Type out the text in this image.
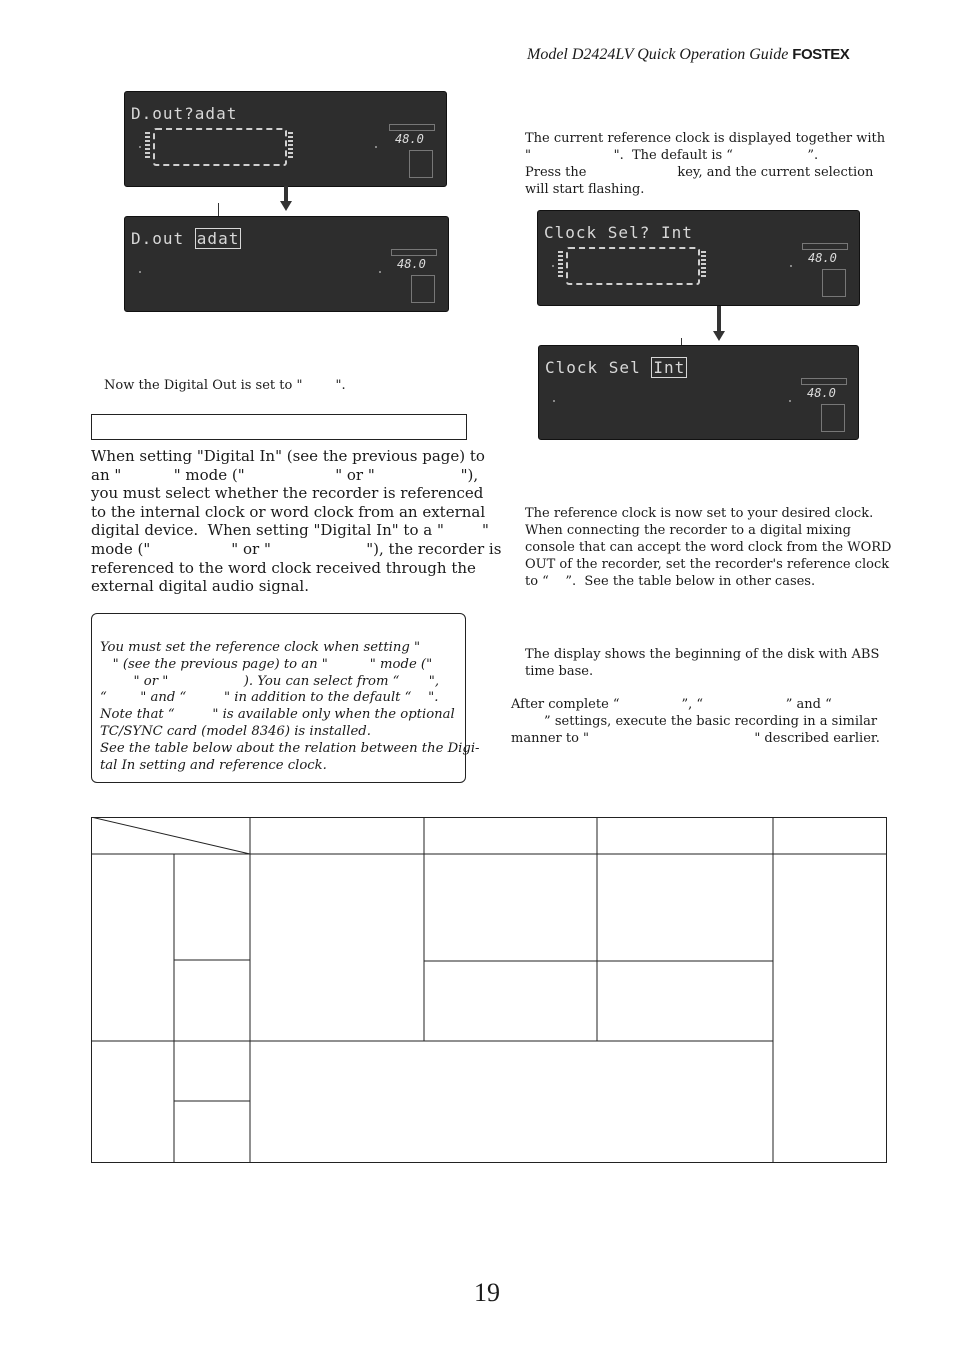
Model D2424LV Quick Operation Guide FOSTEX
D.out?adat
48.0
D.out adat
48.0
Now the Digital Out is set to "        ".
When setting "Digital In" (see the previous page) to
an "           " mode ("                   " or "                  "),
you must select whether the recorder is referenced
to the internal clock or word clock from an external
digital device.  When setting "Digital In" to a "        "
mode ("                 " or "                    "), the recorder is
referenced to the word clock received through the
external digital audio signal.
You must set the reference clock when setting "
" (see the previous page) to an "          " mode ("
" or "                  ). You can select from “       ",
“        " and “         " in addition to the default “    ".
Note that “         " is available only when the optional
TC/SYNC card (model 8346) is installed.
See the table below about the relation between the Digi-
tal In setting and reference clock.
The current reference clock is displayed together with
"                    ".  The default is “                  ”.
Press the                      key, and the current selection
will start flashing.
Clock Sel? Int
48.0
Clock Sel Int
48.0
The reference clock is now set to your desired clock.
When connecting the recorder to a digital mixing
console that can accept the word clock from the WORD
OUT of the recorder, set the recorder's reference clock
to “    ”.  See the table below in other cases.
The display shows the beginning of the disk with ABS
time base.
After complete “               ”, “                    ” and “
” settings, execute the basic recording in a similar
manner to "                                        " described earlier.
19
